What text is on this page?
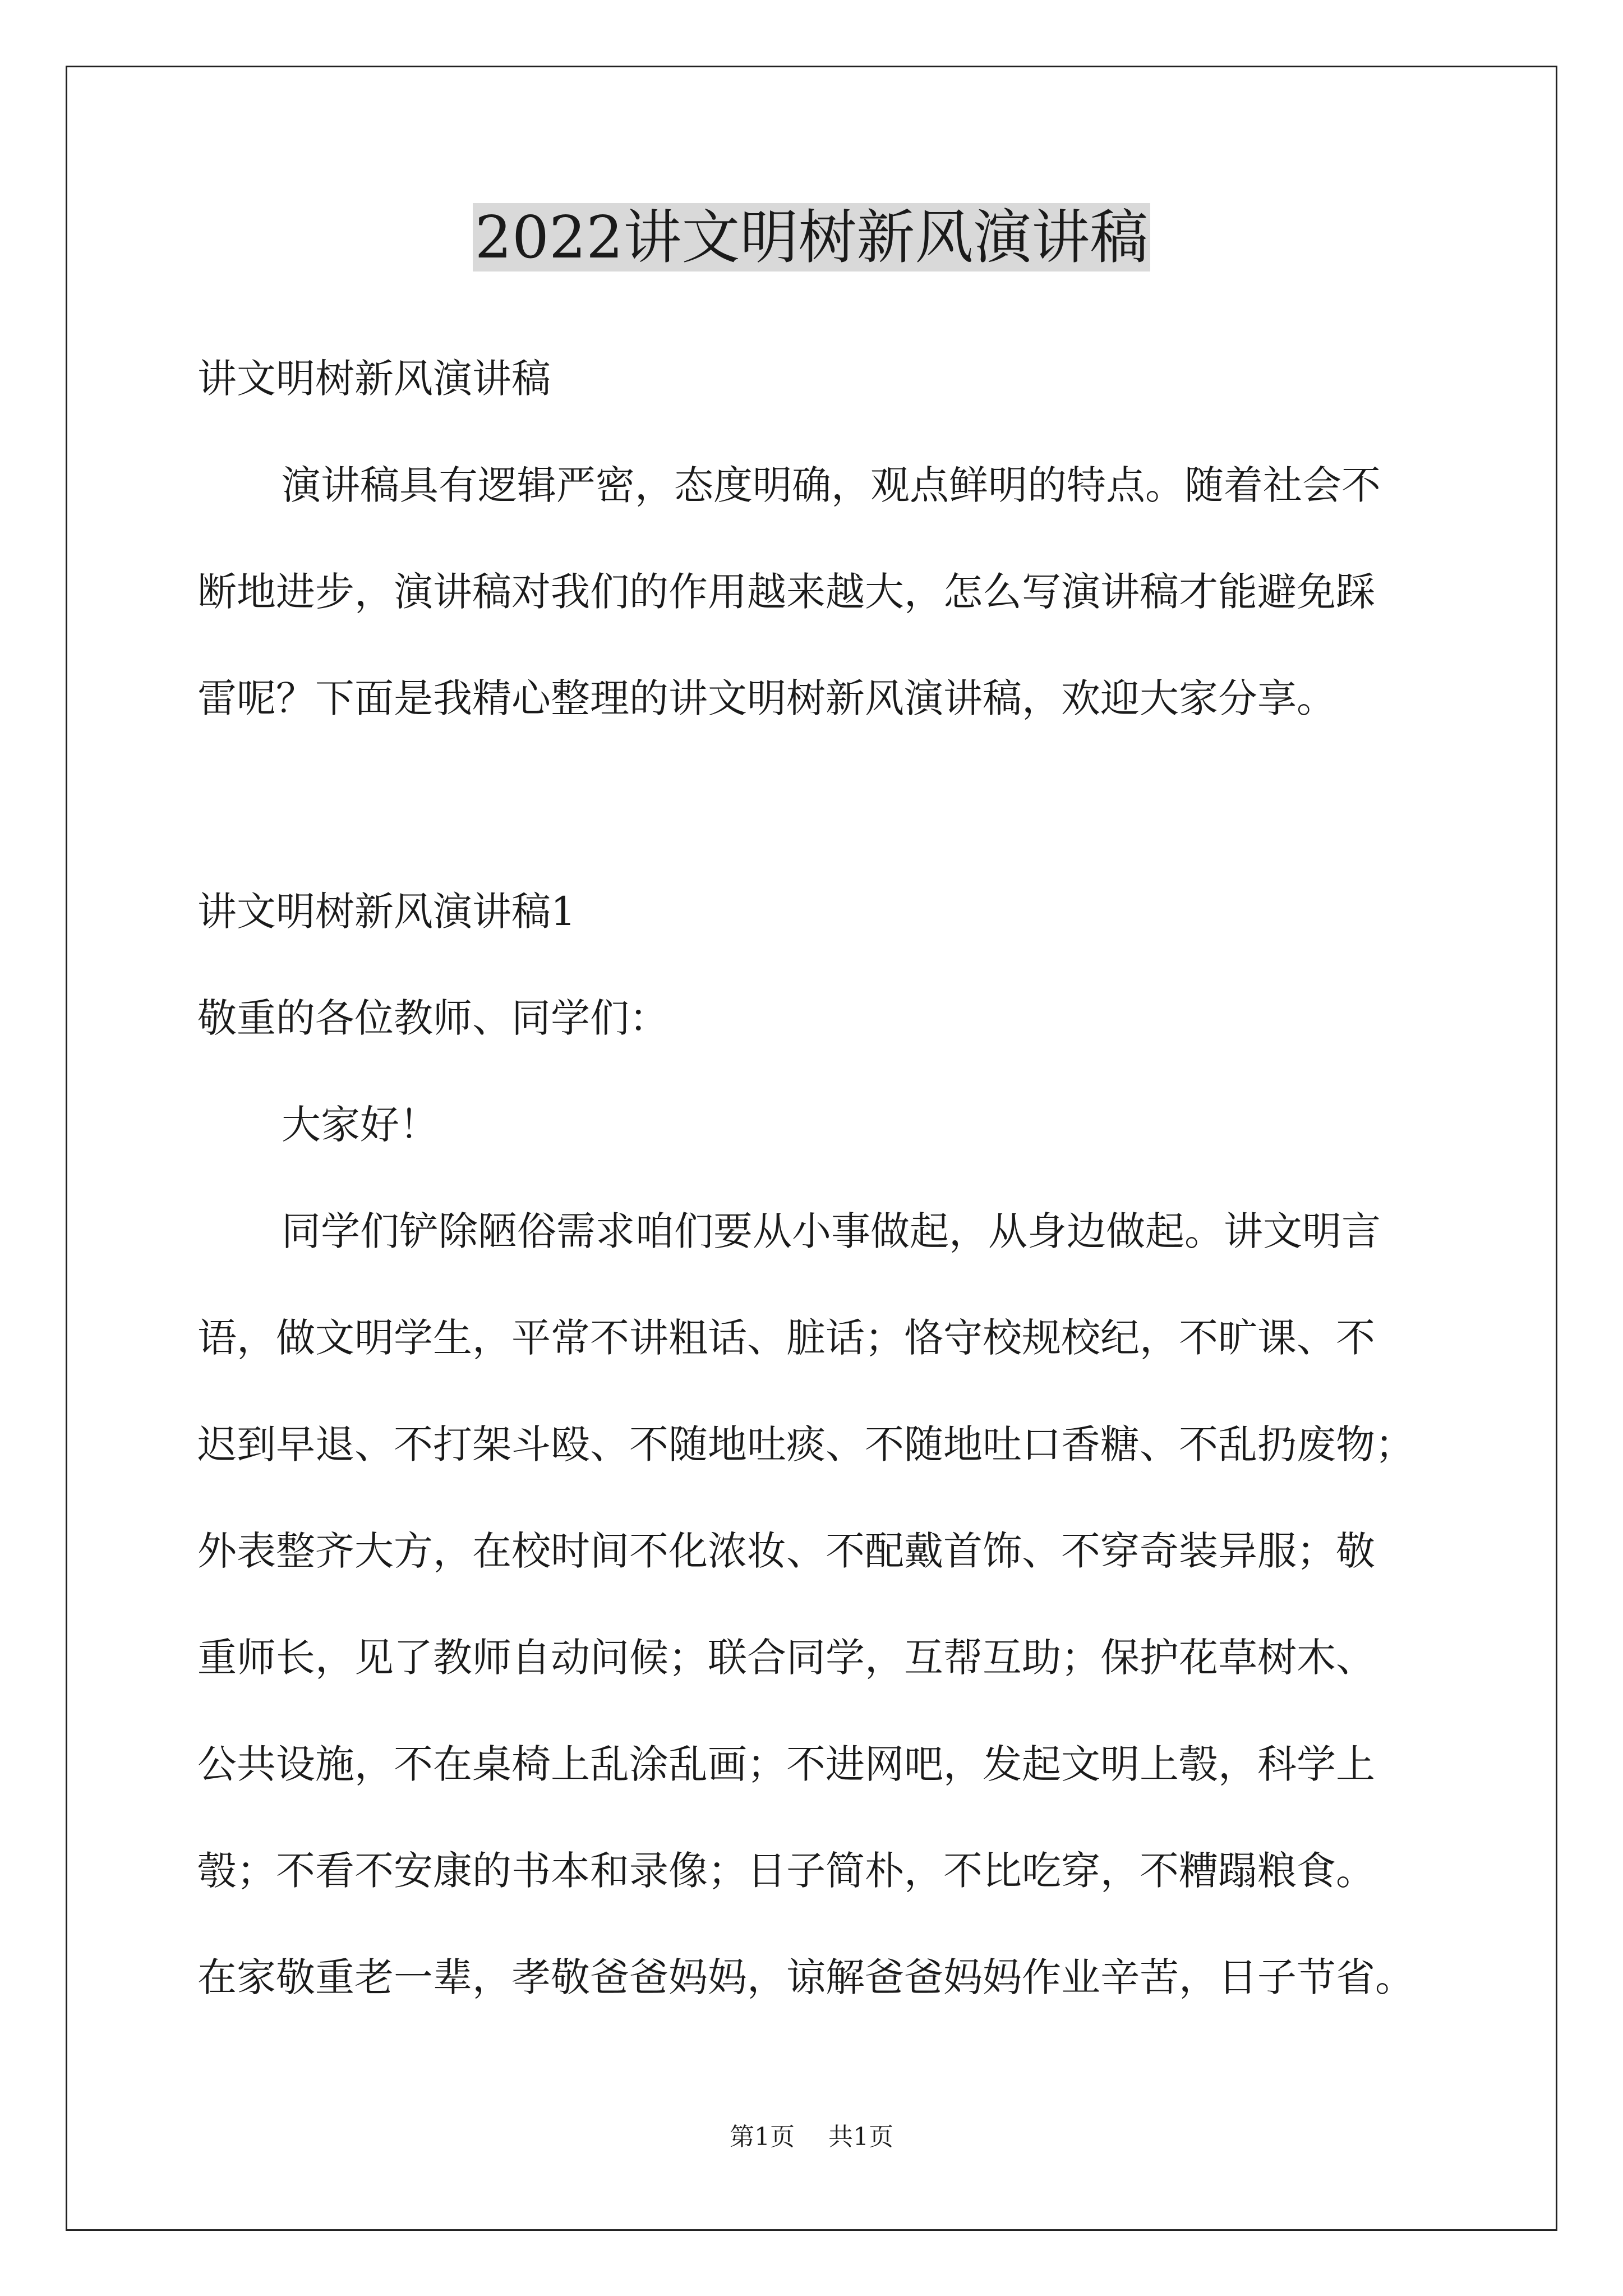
2022讲文明树新风演讲稿
讲文明树新风演讲稿
演讲稿具有逻辑严密，态度明确，观点鲜明的特点。随着社会不
断地进步，演讲稿对我们的作用越来越大，怎么写演讲稿才能避免踩
雷呢？下面是我精心整理的讲文明树新风演讲稿，欢迎大家分享。
讲文明树新风演讲稿1
敬重的各位教师、同学们：
大家好！
同学们铲除陋俗需求咱们要从小事做起，从身边做起。讲文明言
语，做文明学生，平常不讲粗话、脏话；恪守校规校纪，不旷课、不
迟到早退、不打架斗殴、不随地吐痰、不随地吐口香糖、不乱扔废物；
外表整齐大方，在校时间不化浓妆、不配戴首饰、不穿奇装异服；敬
重师长，见了教师自动问候；联合同学，互帮互助；保护花草树木、
公共设施，不在桌椅上乱涂乱画；不进网吧，发起文明上彀，科学上
彀；不看不安康的书本和录像；日子简朴，不比吃穿，不糟蹋粮食。
在家敬重老一辈，孝敬爸爸妈妈，谅解爸爸妈妈作业辛苦，日子节省。
第1页 共1页
